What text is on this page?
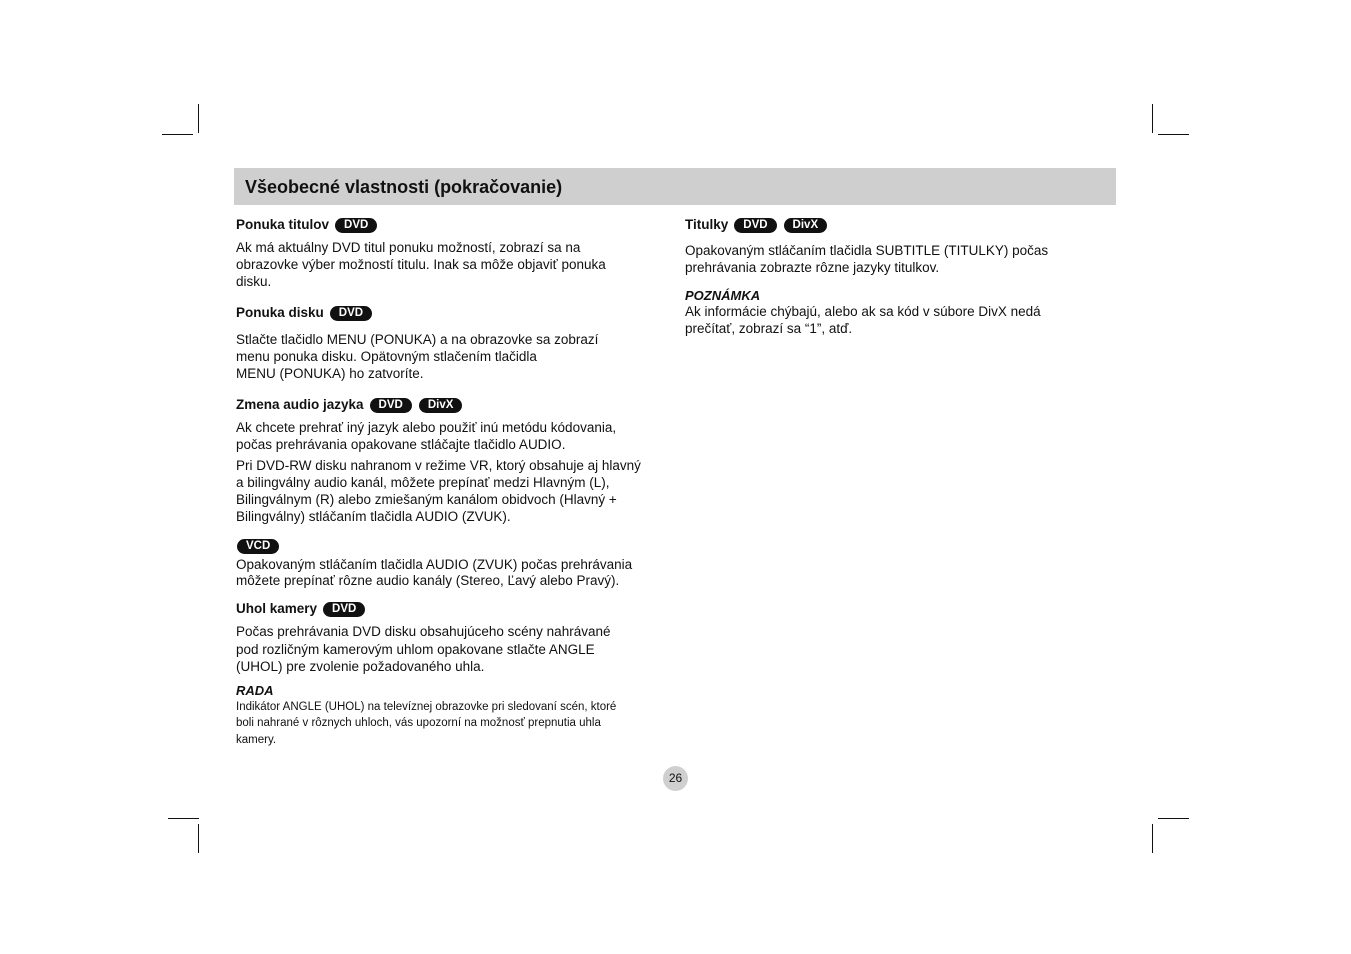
Všeobecné vlastnosti (pokračovanie)
Ponuka titulov	DVD

Ak má aktuálny DVD titul ponuku možností, zobrazí sa na
obrazovke výber možností titulu. Inak sa môže objaviť ponuka
disku.

Ponuka disku	DVD

Stlačte tlačidlo MENU (PONUKA) a na obrazovke sa zobrazí
menu ponuka disku. Opätovným stlačením tlačidla
MENU (PONUKA) ho zatvoríte.

Zmena audio jazyka	DVD	DivX

Ak chcete prehrať iný jazyk alebo použiť inú metódu kódovania,
počas prehrávania opakovane stláčajte tlačidlo AUDIO.

Pri DVD-RW disku nahranom v režime VR, ktorý obsahuje aj hlavný
a bilingválny audio kanál, môžete prepínať medzi Hlavným (L),
Bilingválnym (R) alebo zmiešaným kanálom obidvoch (Hlavný +
Bilingválny) stláčaním tlačidla AUDIO (ZVUK).

VCD

Opakovaným stláčaním tlačidla AUDIO (ZVUK) počas prehrávania
môžete prepínať rôzne audio kanály (Stereo, Ľavý alebo Pravý).

Uhol kamery	DVD

Počas prehrávania DVD disku obsahujúceho scény nahrávané
pod rozličným kamerovým uhlom opakovane stlačte ANGLE
(UHOL) pre zvolenie požadovaného uhla.

RADA

Indikátor ANGLE (UHOL) na televíznej obrazovke pri sledovaní scén, ktoré
boli nahrané v rôznych uhloch, vás upozorní na možnosť prepnutia uhla
kamery.

Titulky	DVD	DivX

Opakovaným stláčaním tlačidla SUBTITLE (TITULKY) počas
prehrávania zobrazte rôzne jazyky titulkov.

POZNÁMKA

Ak informácie chýbajú, alebo ak sa kód v súbore DivX nedá
prečítať, zobrazí sa “1”, atď.

26
